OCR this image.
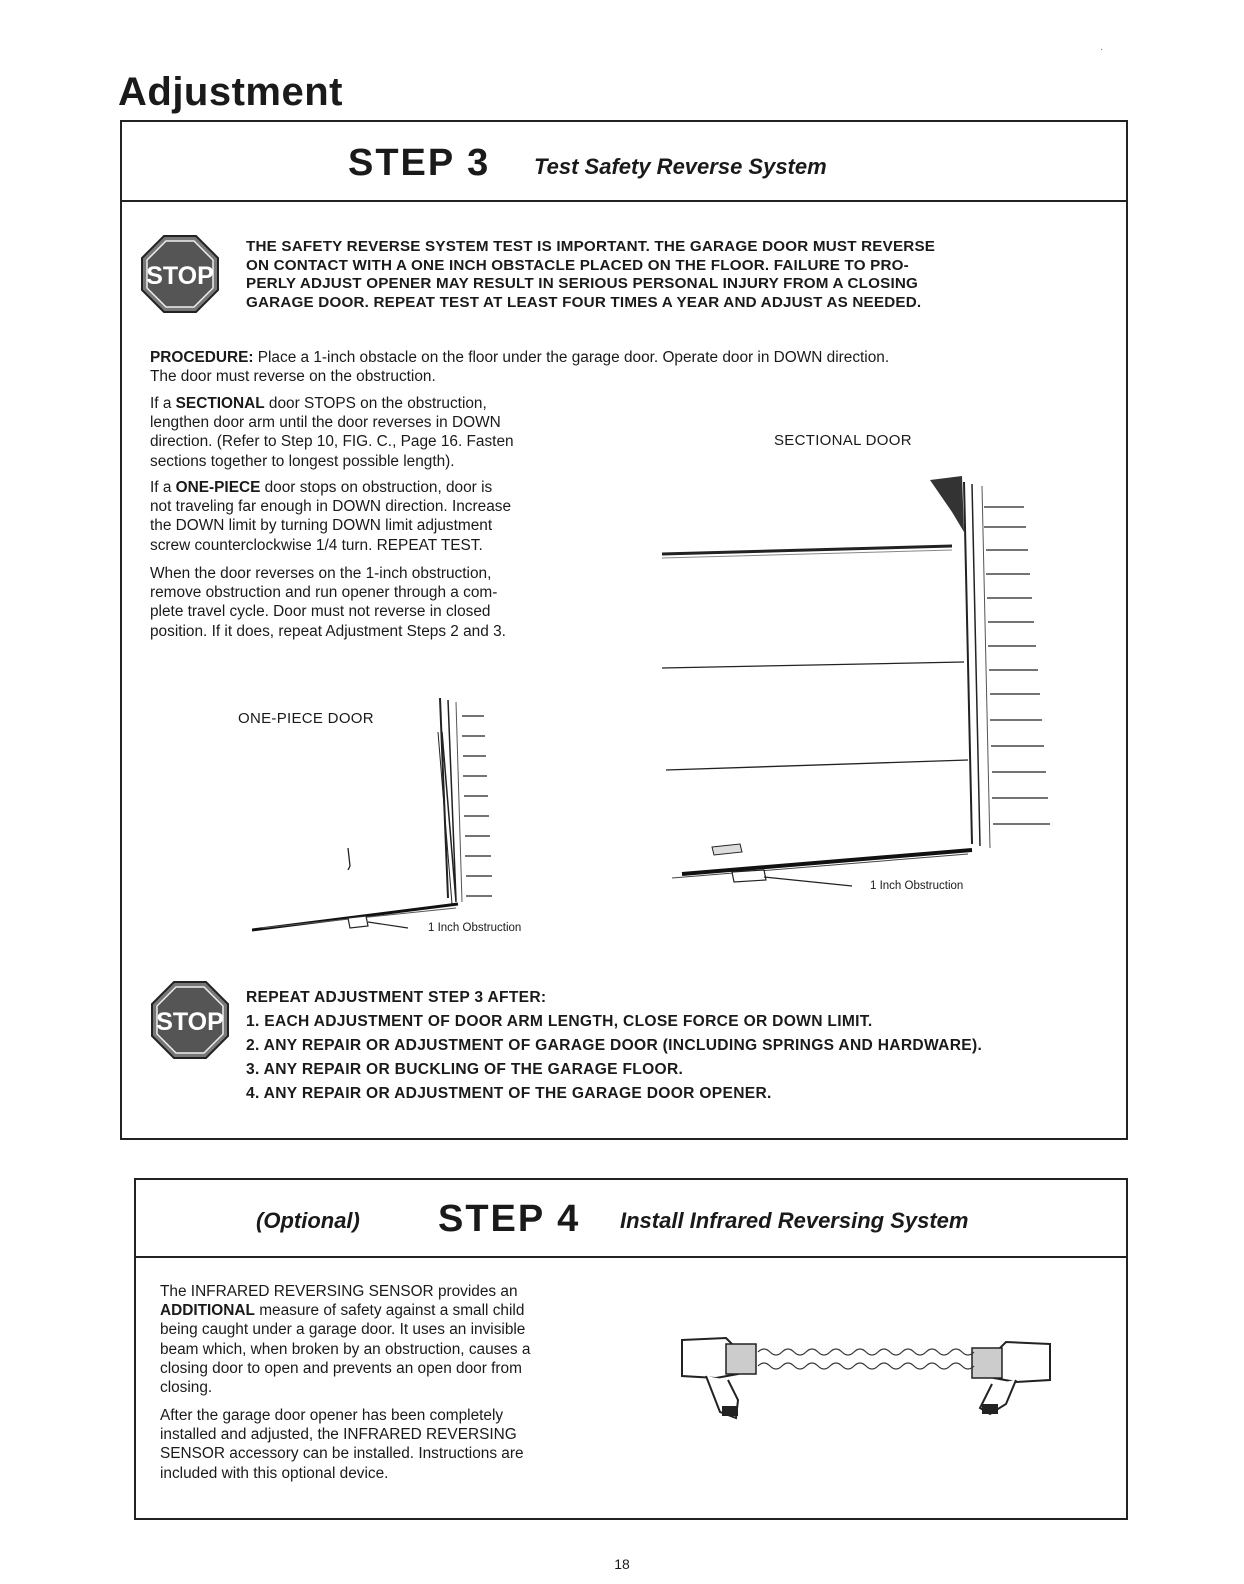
Adjustment
·
STEP 3 Test Safety Reverse System
STOP
THE SAFETY REVERSE SYSTEM TEST IS IMPORTANT. THE GARAGE DOOR MUST REVERSE
ON CONTACT WITH A ONE INCH OBSTACLE PLACED ON THE FLOOR. FAILURE TO PRO-
PERLY ADJUST OPENER MAY RESULT IN SERIOUS PERSONAL INJURY FROM A CLOSING
GARAGE DOOR. REPEAT TEST AT LEAST FOUR TIMES A YEAR AND ADJUST AS NEEDED.
PROCEDURE: Place a 1-inch obstacle on the floor under the garage door. Operate door in DOWN direction.
The door must reverse on the obstruction.
If a SECTIONAL door STOPS on the obstruction,
lengthen door arm until the door reverses in DOWN
direction. (Refer to Step 10, FIG. C., Page 16. Fasten
sections together to longest possible length).
If a ONE-PIECE door stops on obstruction, door is
not traveling far enough in DOWN direction. Increase
the DOWN limit by turning DOWN limit adjustment
screw counterclockwise 1/4 turn. REPEAT TEST.
When the door reverses on the 1-inch obstruction,
remove obstruction and run opener through a com-
plete travel cycle. Door must not reverse in closed
position. If it does, repeat Adjustment Steps 2 and 3.
SECTIONAL DOOR
1 Inch Obstruction
ONE-PIECE DOOR
1 Inch Obstruction
STOP
REPEAT ADJUSTMENT STEP 3 AFTER:
1. EACH ADJUSTMENT OF DOOR ARM LENGTH, CLOSE FORCE OR DOWN LIMIT.
2. ANY REPAIR OR ADJUSTMENT OF GARAGE DOOR (INCLUDING SPRINGS AND HARDWARE).
3. ANY REPAIR OR BUCKLING OF THE GARAGE FLOOR.
4. ANY REPAIR OR ADJUSTMENT OF THE GARAGE DOOR OPENER.
(Optional) STEP 4 Install Infrared Reversing System
The INFRARED REVERSING SENSOR provides an
ADDITIONAL measure of safety against a small child
being caught under a garage door. It uses an invisible
beam which, when broken by an obstruction, causes a
closing door to open and prevents an open door from
closing.
After the garage door opener has been completely
installed and adjusted, the INFRARED REVERSING
SENSOR accessory can be installed. Instructions are
included with this optional device.
18
